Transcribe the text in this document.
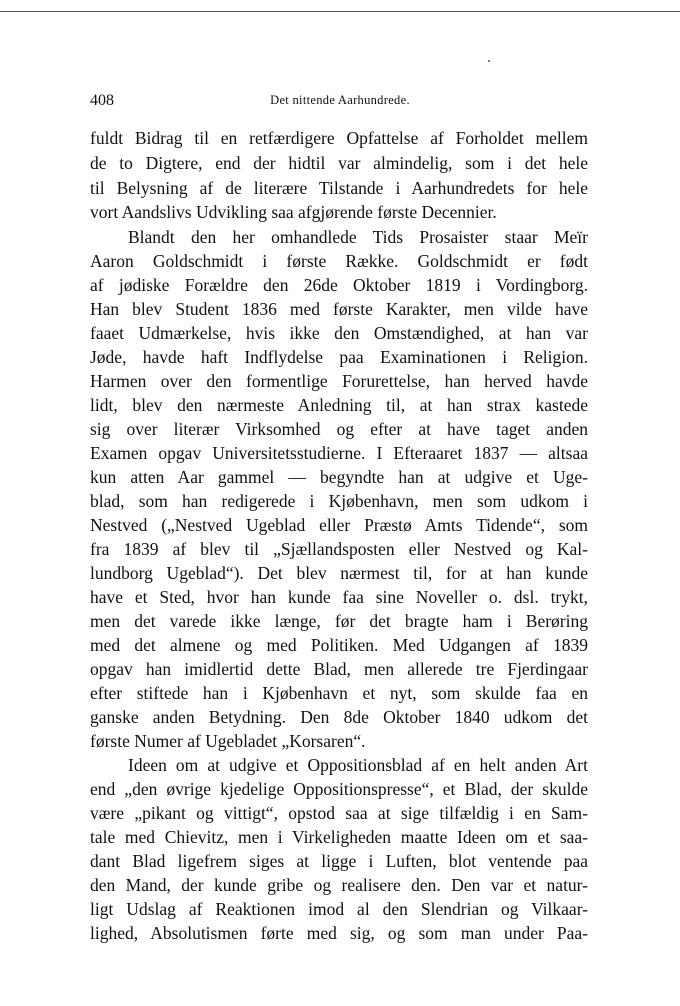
408	Det nittende Aarhundrede.
fuldt Bidrag til en retfærdigere Opfattelse af Forholdet mellem
de to Digtere, end der hidtil var almindelig, som i det hele
til Belysning af de literære Tilstande i Aarhundredets for hele
vort Aandslivs Udvikling saa afgjørende første Decennier.
Blandt den her omhandlede Tids Prosaister staar Meïr
Aaron Goldschmidt i første Række. Goldschmidt er født
af jødiske Forældre den 26de Oktober 1819 i Vordingborg.
Han blev Student 1836 med første Karakter, men vilde have
faaet Udmærkelse, hvis ikke den Omstændighed, at han var
Jøde, havde haft Indflydelse paa Examinationen i Religion.
Harmen over den formentlige Forurettelse, han herved havde
lidt, blev den nærmeste Anledning til, at han strax kastede
sig over literær Virksomhed og efter at have taget anden
Examen opgav Universitetsstudierne. I Efteraaret 1837 — altsaa
kun atten Aar gammel — begyndte han at udgive et Uge-
blad, som han redigerede i Kjøbenhavn, men som udkom i
Nestved („Nestved Ugeblad eller Præstø Amts Tidende“, som
fra 1839 af blev til „Sjællandsposten eller Nestved og Kal-
lundborg Ugeblad“). Det blev nærmest til, for at han kunde
have et Sted, hvor han kunde faa sine Noveller o. dsl. trykt,
men det varede ikke længe, før det bragte ham i Berøring
med det almene og med Politiken. Med Udgangen af 1839
opgav han imidlertid dette Blad, men allerede tre Fjerdingaar
efter stiftede han i Kjøbenhavn et nyt, som skulde faa en
ganske anden Betydning. Den 8de Oktober 1840 udkom det
første Numer af Ugebladet „Korsaren“.
Ideen om at udgive et Oppositionsblad af en helt anden Art
end „den øvrige kjedelige Oppositionspresse“, et Blad, der skulde
være „pikant og vittigt“, opstod saa at sige tilfældig i en Sam-
tale med Chievitz, men i Virkeligheden maatte Ideen om et saa-
dant Blad ligefrem siges at ligge i Luften, blot ventende paa
den Mand, der kunde gribe og realisere den. Den var et natur-
ligt Udslag af Reaktionen imod al den Slendrian og Vilkaar-
lighed, Absolutismen førte med sig, og som man under Paa-
